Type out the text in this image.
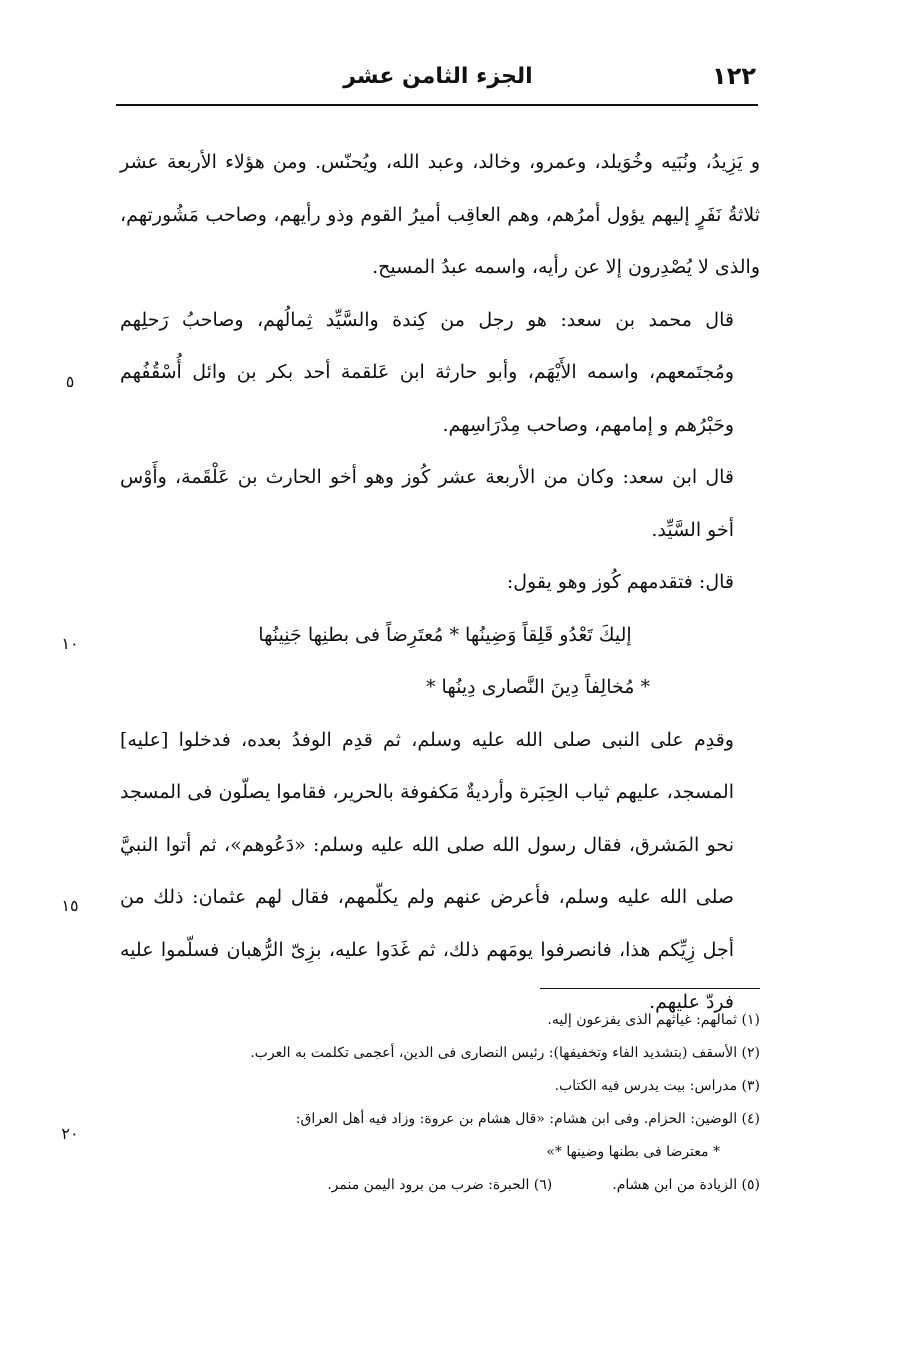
١٢٢
الجزء الثامن عشر

و يَزِيدُ، ونُبَيه وخُوَيلد، وعمرو، وخالد، وعبد الله، ويُحنّس. ومن هؤلاء الأربعة عشر ثلاثةُ نَفَرٍ إليهم يؤول أمرُهم، وهم العاقِب أميرُ القوم وذو رأيهم، وصاحب مَشُورتهم، والذى لا يُصْدِرون إلا عن رأيه، واسمه عبدُ المسيح.

قال محمد بن سعد: هو رجل من كِندة والسَّيِّد ثِمالُهم، وصاحبُ رَحلِهم ومُجتَمعهم، واسمه الأَيْهَم، وأبو حارثة ابن عَلقمة أحد بكر بن وائل أُسْقُفُهم وحَبْرُهم و إمامهم، وصاحب مِدْرَاسِهم.

قال ابن سعد: وكان من الأربعة عشر كُوز وهو أخو الحارث بن عَلْقَمة، وأَوْس أخو السَّيِّد.

قال: فتقدمهم كُوز وهو يقول:

إليكَ تَعْدُو قَلِقاً وَضِينُها * مُعتَرِضاً فى بطنِها جَنِينُها

* مُخالِفاً دِينَ النَّصارى دِينُها *

وقدِم على النبى صلى الله عليه وسلم، ثم قدِم الوفدُ بعده، فدخلوا [عليه] المسجد، عليهم ثياب الحِبَرة وأرديةٌ مَكفوفة بالحرير، فقاموا يصلّون فى المسجد نحو المَشرق، فقال رسول الله صلى الله عليه وسلم: «دَعُوهم»، ثم أتوا النبيَّ صلى الله عليه وسلم، فأعرض عنهم ولم يكلّمهم، فقال لهم عثمان: ذلك من أجل زِيِّكم هذا، فانصرفوا يومَهم ذلك، ثم غَدَوا عليه، بزِىّ الرُّهبان فسلّموا عليه فردّ عليهم.

(١) ثمالهم: غياثهم الذى يفزعون إليه.
(٢) الأسقف (بتشديد الفاء وتخفيفها): رئيس النصارى فى الدين، أعجمى تكلمت به العرب.
(٣) مدراس: بيت يدرس فيه الكتاب.
(٤) الوضين: الحزام. وفى ابن هشام: «قال هشام بن عروة: وزاد فيه أهل العراق:
* معترضا فى بطنها وضينها *»
(٥) الزيادة من ابن هشام.
(٦) الحبرة: ضرب من برود اليمن منمر.
٥
١٠
١٥
٢٠
